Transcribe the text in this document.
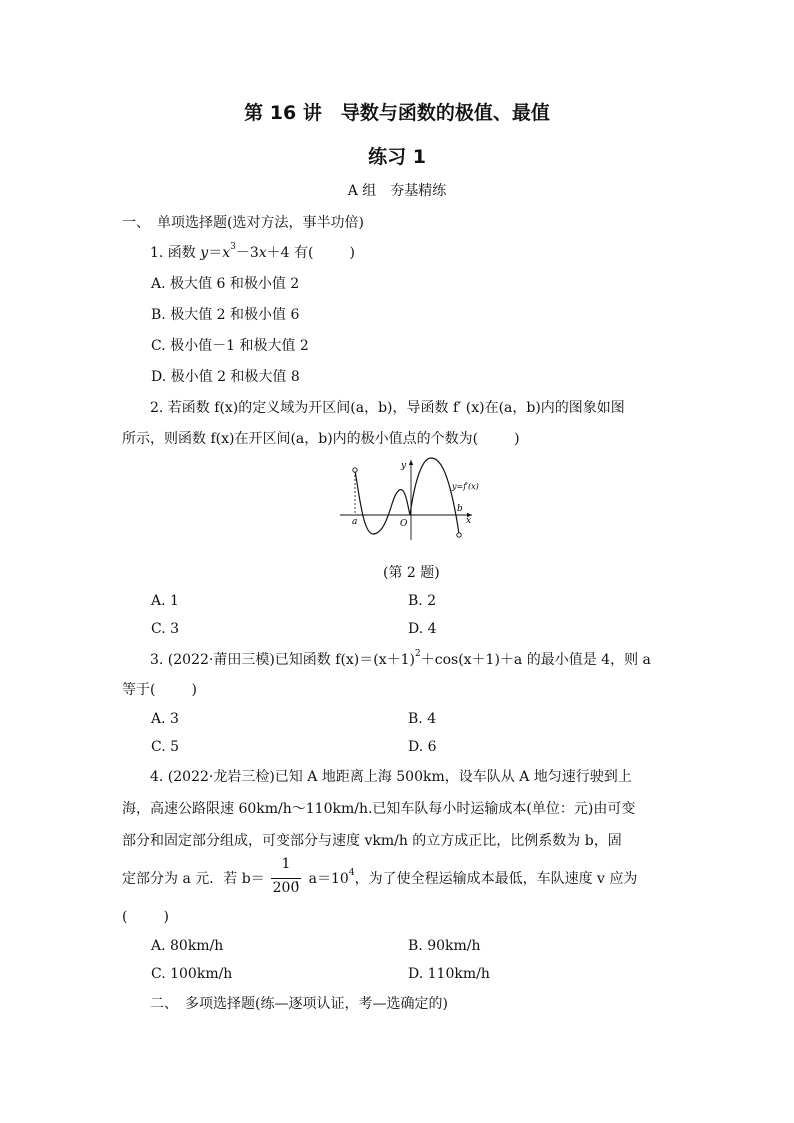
第 16 讲　导数与函数的极值、最值
练习 1
A 组　夯基精练
一、　单项选择题(选对方法，事半功倍)
1. 函数 $y=x^3-3x+4$ 有(	)
A. 极大值 6 和极小值 2
B. 极大值 2 和极小值 6
C. 极小值－1 和极大值 2
D. 极小值 2 和极大值 8
2. 若函数 f(x)的定义域为开区间(a，b)，导函数 f′ (x)在(a，b)内的图象如图
所示，则函数 f(x)在开区间(a，b)内的极小值点的个数为(	)
y
x
O
a
b
y=f′(x)
(第 2 题)
A. 1	B. 2
C. 3	D. 4
3. (2022·莆田三模)已知函数 $f(x)=(x+1)^2+\cos(x+1)+a$ 的最小值是 4，则 a
等于(	)
A. 3	B. 4
C. 5	D. 6
4. (2022·龙岩三检)已知 A 地距离上海 500km，设车队从 A 地匀速行驶到上
海，高速公路限速 60km/h～110km/h.已知车队每小时运输成本(单位：元)由可变
部分和固定部分组成，可变部分与速度 vkm/h 的立方成正比，比例系数为 b，固
定部分为 a 元．若 b＝ ，$a=10^4$，为了使全程运输成本最低，车队速度 v 应为
1
200
(	)
A. 80km/h	B. 90km/h
C. 100km/h	D. 110km/h
二、　多项选择题(练—逐项认证，考—选确定的)
